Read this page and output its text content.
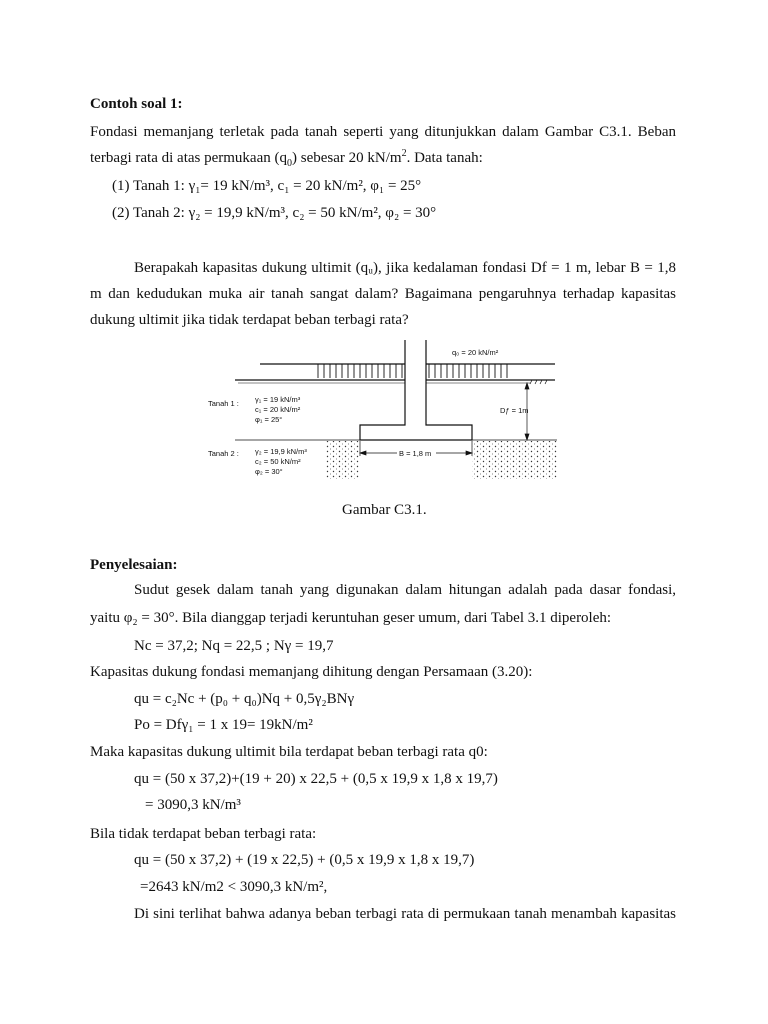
Contoh soal 1:
Fondasi memanjang terletak pada tanah seperti yang ditunjukkan dalam Gambar C3.1. Beban
terbagi rata di atas permukaan $(q_0)$ sebesar 20 $kN/m^2$. Data tanah:
(1) Tanah 1: γ₁= 19 kN/m³, c₁ = 20 kN/m², φ₁ = 25°
(2) Tanah 2: γ₂ = 19,9 kN/m³, c₂ = 50 kN/m², φ₂ = 30°
Berapakah kapasitas dukung ultimit (qᵤ), jika kedalaman fondasi Df = 1 m, lebar B = 1,8
m dan kedudukan muka air tanah sangat dalam? Bagaimana pengaruhnya terhadap kapasitas
dukung ultimit jika tidak terdapat beban terbagi rata?
B = 1,8 m
Dƒ = 1m
q₀ = 20 kN/m²
Tanah 1 : γ₁ = 19 kN/m³
c₁ = 20 kN/m²
φ₁ = 25°
Tanah 2 : γ₂ = 19,9 kN/m³
c₂ = 50 kN/m²
φ₂ = 30°
Gambar C3.1.
Penyelesaian:
Sudut gesek dalam tanah yang digunakan dalam hitungan adalah pada dasar fondasi,
yaitu φ₂ = 30°. Bila dianggap terjadi keruntuhan geser umum, dari Tabel 3.1 diperoleh:
Nc = 37,2; Nq = 22,5 ; Nγ = 19,7
Kapasitas dukung fondasi memanjang dihitung dengan Persamaan (3.20):
qu = c₂Nc + (p₀ + q₀)Nq + 0,5γ₂BNγ
Po = Dfγ₁ = 1 x 19= 19kN/m²
Maka kapasitas dukung ultimit bila terdapat beban terbagi rata q0:
qu = (50 x 37,2)+(19 + 20) x 22,5 + (0,5 x 19,9 x 1,8 x 19,7)
= 3090,3 kN/m³
Bila tidak terdapat beban terbagi rata:
qu = (50 x 37,2) + (19 x 22,5) + (0,5 x 19,9 x 1,8 x 19,7)
=2643 kN/m2 < 3090,3 kN/m²,
Di sini terlihat bahwa adanya beban terbagi rata di permukaan tanah menambah kapasitas
